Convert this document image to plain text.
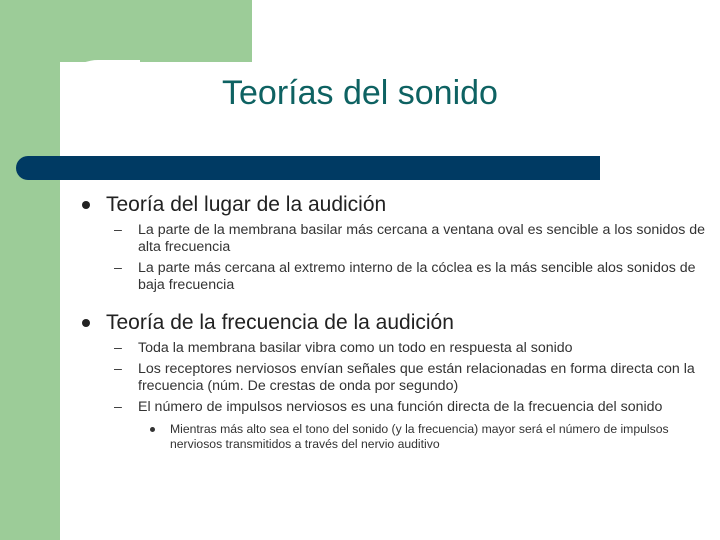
Teorías del sonido
Teoría del lugar de la audición
– La parte de la membrana basilar más cercana a ventana oval es sencible a los sonidos de alta frecuencia
– La parte más cercana al extremo interno de la cóclea es la más sencible alos sonidos de baja frecuencia
Teoría de la frecuencia de la audición
– Toda la membrana basilar vibra como un todo en respuesta al sonido
– Los receptores nerviosos envían señales que están relacionadas en forma directa con la frecuencia (núm. De crestas de onda por segundo)
– El número de impulsos nerviosos es una función directa de la frecuencia del sonido
Mientras más alto sea el tono del sonido (y la frecuencia) mayor será el número de impulsos nerviosos transmitidos a través del nervio auditivo
